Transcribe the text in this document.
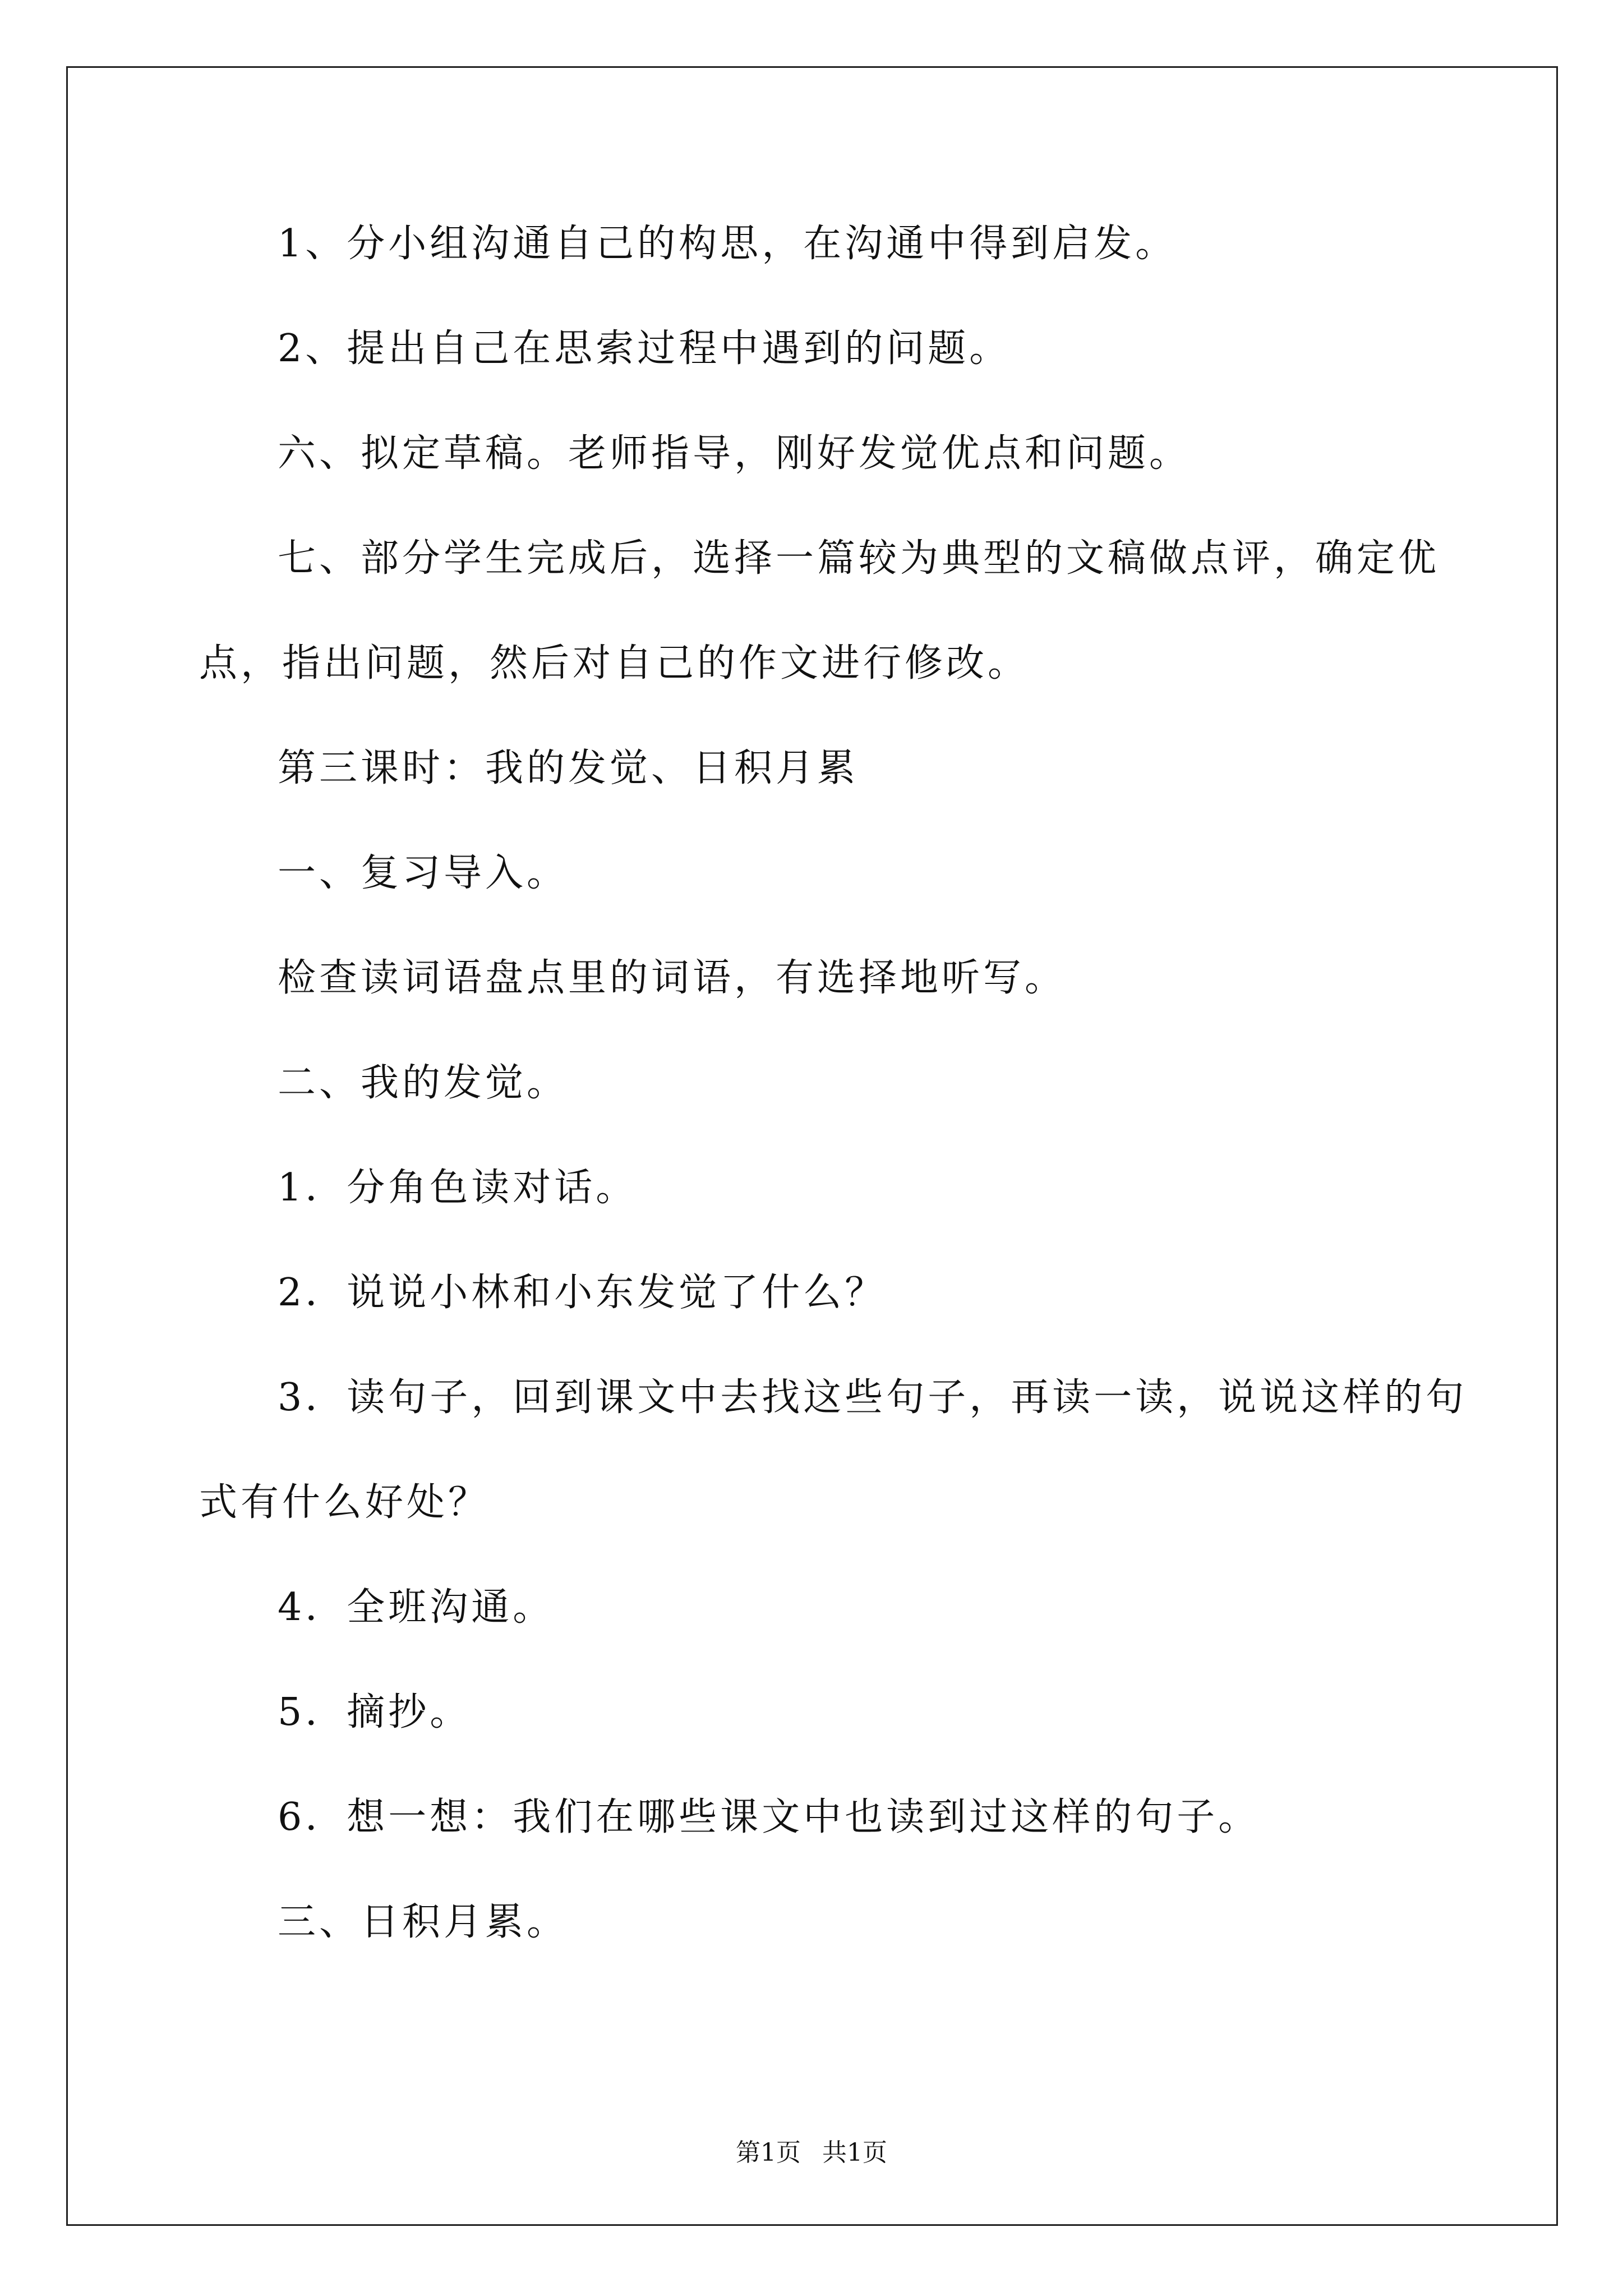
1、分小组沟通自己的构思，在沟通中得到启发。
2、提出自己在思索过程中遇到的问题。
六、拟定草稿。老师指导，刚好发觉优点和问题。
七、部分学生完成后，选择一篇较为典型的文稿做点评，确定优
点，指出问题，然后对自己的作文进行修改。
第三课时：我的发觉、日积月累
一、复习导入。
检查读词语盘点里的词语，有选择地听写。
二、我的发觉。
1．分角色读对话。
2．说说小林和小东发觉了什么？
3．读句子，回到课文中去找这些句子，再读一读，说说这样的句
式有什么好处？
4．全班沟通。
5．摘抄。
6．想一想：我们在哪些课文中也读到过这样的句子。
三、日积月累。
第1页 共1页
